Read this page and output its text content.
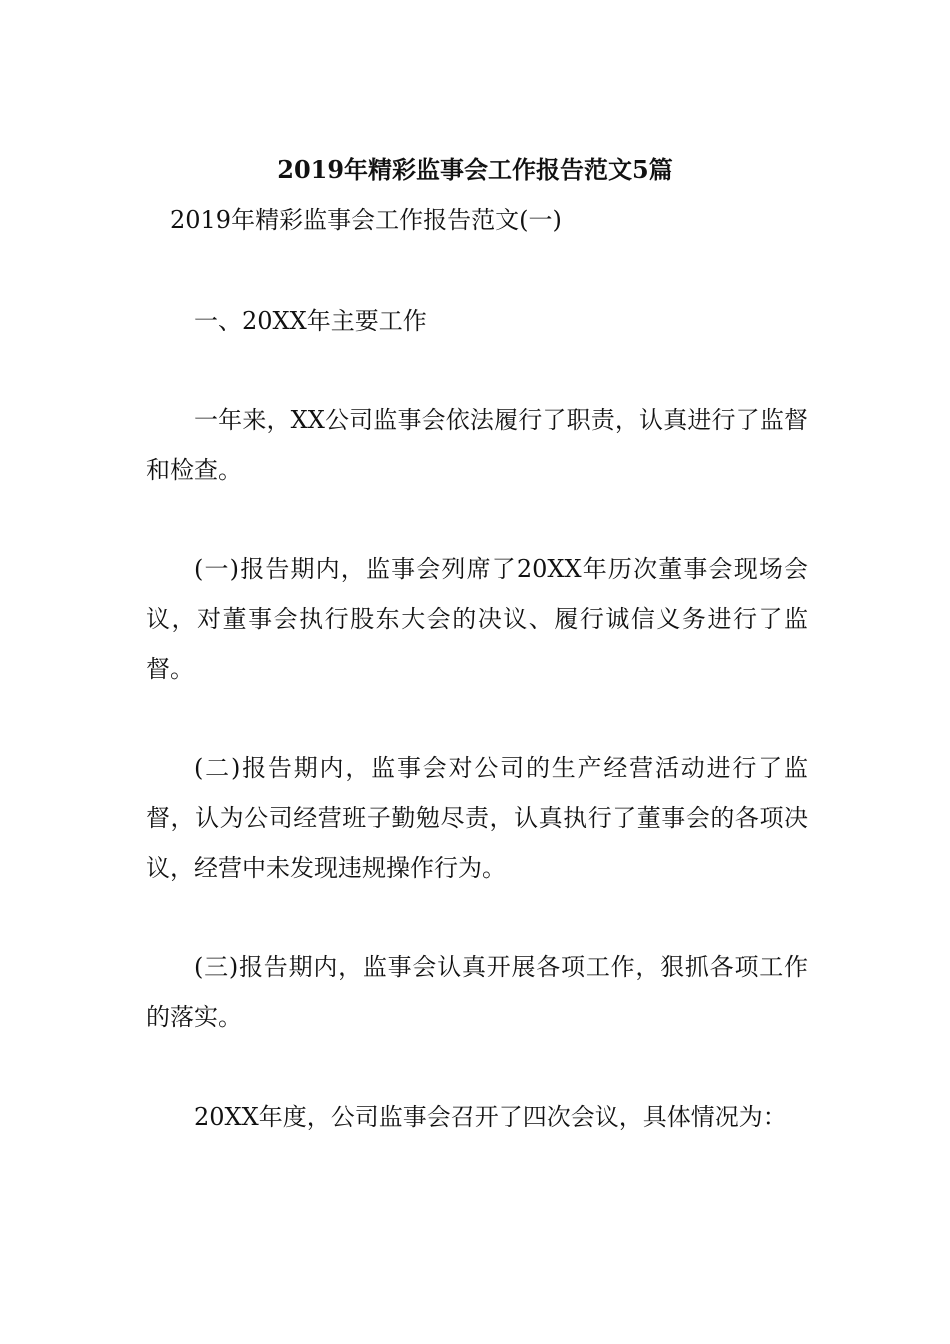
2019年精彩监事会工作报告范文5篇
2019年精彩监事会工作报告范文(一)

一、20XX年主要工作

一年来，XX公司监事会依法履行了职责，认真进行了监督和检查。

(一)报告期内，监事会列席了20XX年历次董事会现场会议，对董事会执行股东大会的决议、履行诚信义务进行了监督。

(二)报告期内，监事会对公司的生产经营活动进行了监督，认为公司经营班子勤勉尽责，认真执行了董事会的各项决议，经营中未发现违规操作行为。

(三)报告期内，监事会认真开展各项工作，狠抓各项工作的落实。

20XX年度，公司监事会召开了四次会议，具体情况为：
